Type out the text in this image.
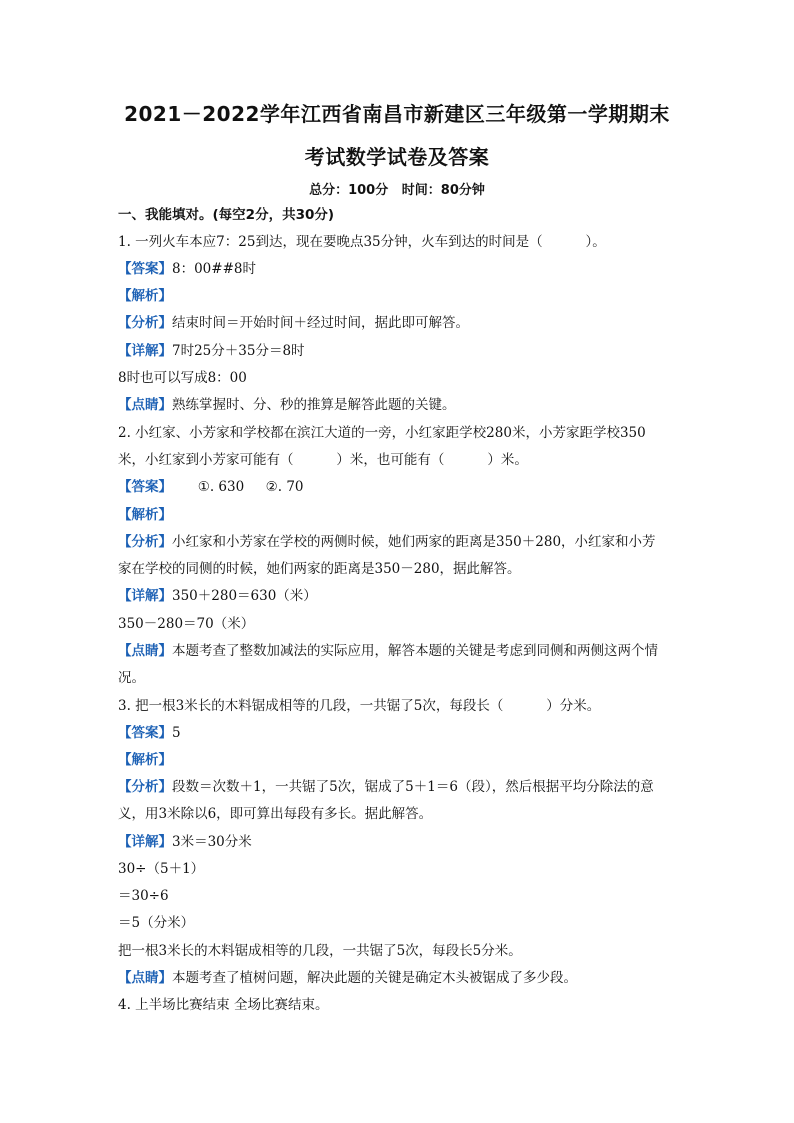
2021－2022学年江西省南昌市新建区三年级第一学期期末
考试数学试卷及答案
总分：100分   时间：80分钟
一、我能填对。(每空2分，共30分)
1. 一列火车本应7：25到达，现在要晚点35分钟，火车到达的时间是（          ）。
【答案】8：00##8时
【解析】
【分析】结束时间＝开始时间＋经过时间，据此即可解答。
【详解】7时25分＋35分＝8时
8时也可以写成8：00
【点睛】熟练掌握时、分、秒的推算是解答此题的关键。
2. 小红家、小芳家和学校都在滨江大道的一旁，小红家距学校280米，小芳家距学校350
米，小红家到小芳家可能有（          ）米，也可能有（          ）米。
【答案】      ①. 630     ②. 70
【解析】
【分析】小红家和小芳家在学校的两侧时候，她们两家的距离是350＋280，小红家和小芳
家在学校的同侧的时候，她们两家的距离是350－280，据此解答。
【详解】350＋280＝630（米）
350－280＝70（米）
【点睛】本题考查了整数加减法的实际应用，解答本题的关键是考虑到同侧和两侧这两个情
况。
3. 把一根3米长的木料锯成相等的几段，一共锯了5次，每段长（          ）分米。
【答案】5
【解析】
【分析】段数＝次数＋1，一共锯了5次，锯成了5＋1＝6（段），然后根据平均分除法的意
义，用3米除以6，即可算出每段有多长。据此解答。
【详解】3米＝30分米
30÷（5＋1）
＝30÷6
＝5（分米）
把一根3米长的木料锯成相等的几段，一共锯了5次，每段长5分米。
【点睛】本题考查了植树问题，解决此题的关键是确定木头被锯成了多少段。
4. 上半场比赛结束 全场比赛结束。
